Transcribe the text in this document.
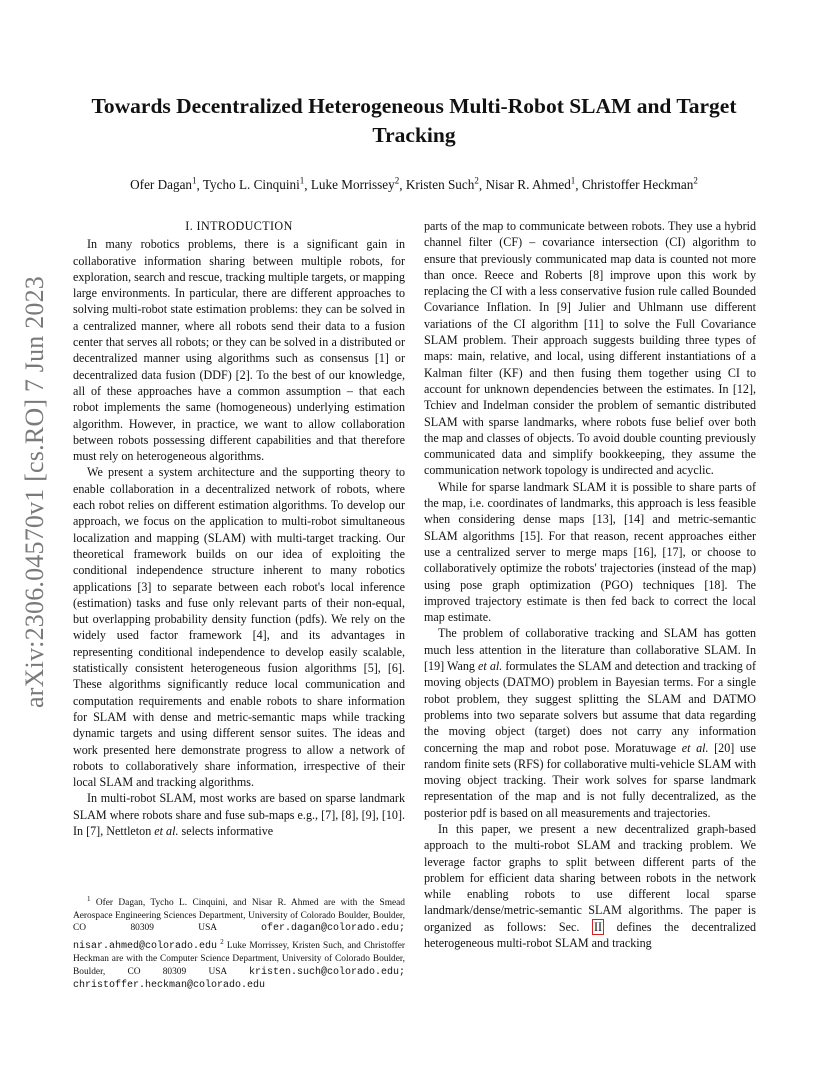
arXiv:2306.04570v1 [cs.RO] 7 Jun 2023
Towards Decentralized Heterogeneous Multi-Robot SLAM and Target Tracking
Ofer Dagan$^1$, Tycho L. Cinquini$^1$, Luke Morrissey$^2$, Kristen Such$^2$, Nisar R. Ahmed$^1$, Christoffer Heckman$^2$
I. INTRODUCTION

In many robotics problems, there is a significant gain in collaborative information sharing between multiple robots, for exploration, search and rescue, tracking multiple targets, or mapping large environments. In particular, there are different approaches to solving multi-robot state estimation problems: they can be solved in a centralized manner, where all robots send their data to a fusion center that serves all robots; or they can be solved in a distributed or decentralized manner using algorithms such as consensus [1] or decentralized data fusion (DDF) [2]. To the best of our knowledge, all of these approaches have a common assumption – that each robot implements the same (homogeneous) underlying estimation algorithm. However, in practice, we want to allow collaboration between robots possessing different capabilities and that therefore must rely on heterogeneous algorithms.

We present a system architecture and the supporting theory to enable collaboration in a decentralized network of robots, where each robot relies on different estimation algorithms. To develop our approach, we focus on the application to multi-robot simultaneous localization and mapping (SLAM) with multi-target tracking. Our theoretical framework builds on our idea of exploiting the conditional independence structure inherent to many robotics applications [3] to separate between each robot's local inference (estimation) tasks and fuse only relevant parts of their non-equal, but overlapping probability density function (pdfs). We rely on the widely used factor framework [4], and its advantages in representing conditional independence to develop easily scalable, statistically consistent heterogeneous fusion algorithms [5], [6]. These algorithms significantly reduce local communication and computation requirements and enable robots to share information for SLAM with dense and metric-semantic maps while tracking dynamic targets and using different sensor suites. The ideas and work presented here demonstrate progress to allow a network of robots to collaboratively share information, irrespective of their local SLAM and tracking algorithms.

In multi-robot SLAM, most works are based on sparse landmark SLAM where robots share and fuse sub-maps e.g., [7], [8], [9], [10]. In [7], Nettleton et al. selects informative

parts of the map to communicate between robots. They use a hybrid channel filter (CF) – covariance intersection (CI) algorithm to ensure that previously communicated map data is counted not more than once. Reece and Roberts [8] improve upon this work by replacing the CI with a less conservative fusion rule called Bounded Covariance Inflation. In [9] Julier and Uhlmann use different variations of the CI algorithm [11] to solve the Full Covariance SLAM problem. Their approach suggests building three types of maps: main, relative, and local, using different instantiations of a Kalman filter (KF) and then fusing them together using CI to account for unknown dependencies between the estimates. In [12], Tchiev and Indelman consider the problem of semantic distributed SLAM with sparse landmarks, where robots fuse belief over both the map and classes of objects. To avoid double counting previously communicated data and simplify bookkeeping, they assume the communication network topology is undirected and acyclic.

While for sparse landmark SLAM it is possible to share parts of the map, i.e. coordinates of landmarks, this approach is less feasible when considering dense maps [13], [14] and metric-semantic SLAM algorithms [15]. For that reason, recent approaches either use a centralized server to merge maps [16], [17], or choose to collaboratively optimize the robots' trajectories (instead of the map) using pose graph optimization (PGO) techniques [18]. The improved trajectory estimate is then fed back to correct the local map estimate.

The problem of collaborative tracking and SLAM has gotten much less attention in the literature than collaborative SLAM. In [19] Wang et al. formulates the SLAM and detection and tracking of moving objects (DATMO) problem in Bayesian terms. For a single robot problem, they suggest splitting the SLAM and DATMO problems into two separate solvers but assume that data regarding the moving object (target) does not carry any information concerning the map and robot pose. Moratuwage et al. [20] use random finite sets (RFS) for collaborative multi-vehicle SLAM with moving object tracking. Their work solves for sparse landmark representation of the map and is not fully decentralized, as the posterior pdf is based on all measurements and trajectories.

In this paper, we present a new decentralized graph-based approach to the multi-robot SLAM and tracking problem. We leverage factor graphs to split between different parts of the problem for efficient data sharing between robots in the network while enabling robots to use different local sparse landmark/dense/metric-semantic SLAM algorithms. The paper is organized as follows: Sec. II defines the decentralized heterogeneous multi-robot SLAM and tracking

$^1$ Ofer Dagan, Tycho L. Cinquini, and Nisar R. Ahmed are with the Smead Aerospace Engineering Sciences Department, University of Colorado Boulder, Boulder, CO 80309 USA	ofer.dagan@colorado.edu; nisar.ahmed@colorado.edu $^2$ Luke Morrissey, Kristen Such, and Christoffer Heckman are with the Computer Science Department, University of Colorado Boulder, Boulder, CO 80309 USA kristen.such@colorado.edu; christoffer.heckman@colorado.edu
